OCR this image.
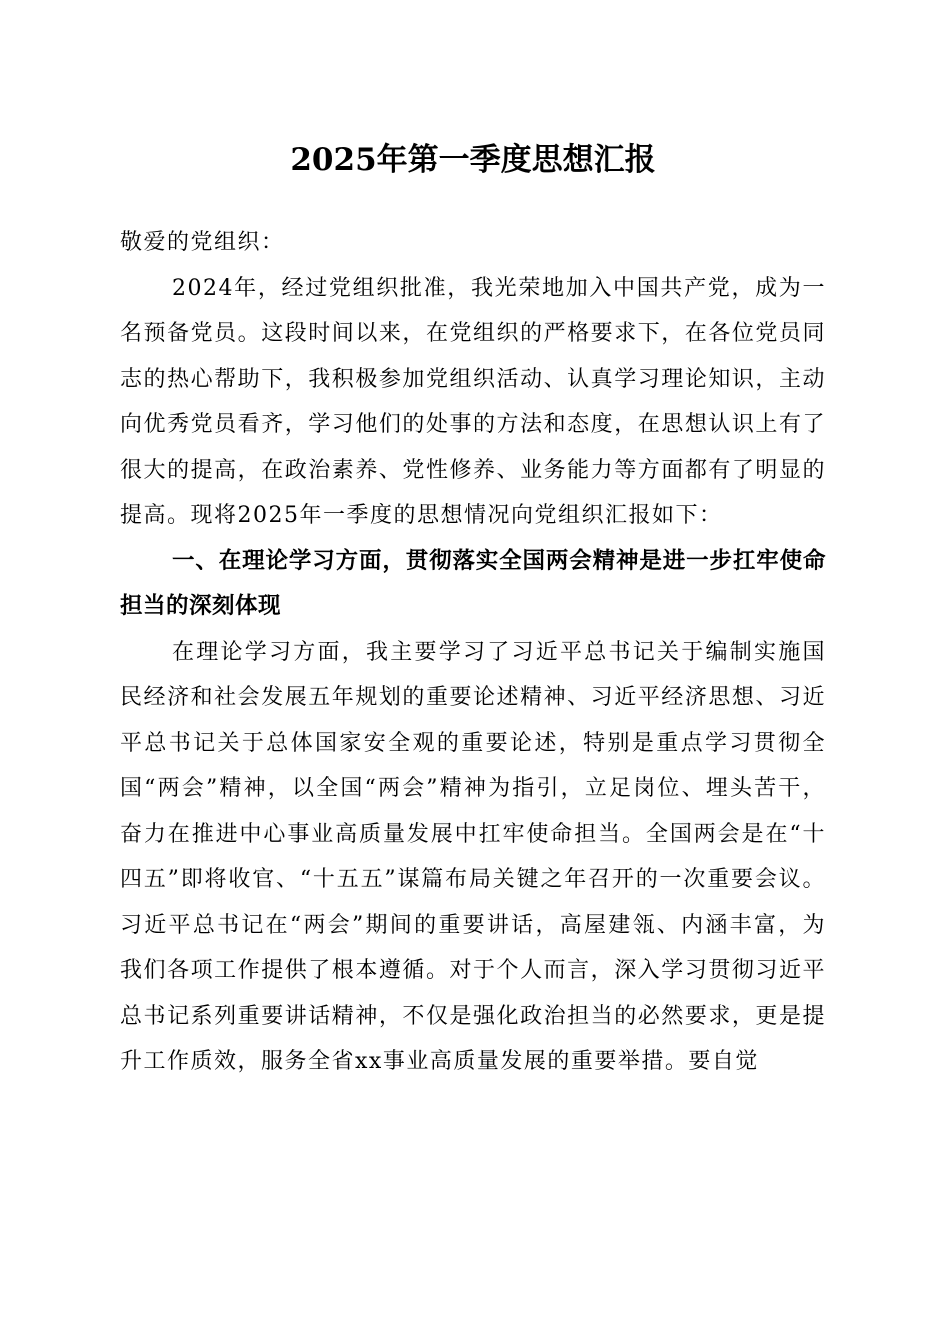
2025年第一季度思想汇报

敬爱的党组织：

2024年，经过党组织批准，我光荣地加入中国共产党，成为一名预备党员。这段时间以来，在党组织的严格要求下，在各位党员同志的热心帮助下，我积极参加党组织活动、认真学习理论知识，主动向优秀党员看齐，学习他们的处事的方法和态度，在思想认识上有了很大的提高，在政治素养、党性修养、业务能力等方面都有了明显的提高。现将2025年一季度的思想情况向党组织汇报如下：

一、在理论学习方面，贯彻落实全国两会精神是进一步扛牢使命担当的深刻体现

在理论学习方面，我主要学习了习近平总书记关于编制实施国民经济和社会发展五年规划的重要论述精神、习近平经济思想、习近平总书记关于总体国家安全观的重要论述，特别是重点学习贯彻全国“两会”精神，以全国“两会”精神为指引，立足岗位、埋头苦干，奋力在推进中心事业高质量发展中扛牢使命担当。全国两会是在“十四五”即将收官、“十五五”谋篇布局关键之年召开的一次重要会议。习近平总书记在“两会”期间的重要讲话，高屋建瓴、内涵丰富，为我们各项工作提供了根本遵循。对于个人而言，深入学习贯彻习近平总书记系列重要讲话精神，不仅是强化政治担当的必然要求，更是提升工作质效，服务全省xx事业高质量发展的重要举措。要自觉
